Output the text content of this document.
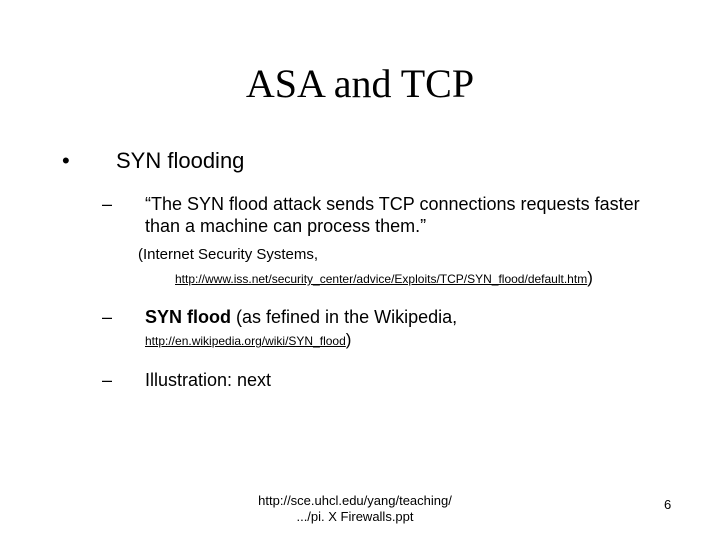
ASA and TCP
• SYN flooding
– “The SYN flood attack sends TCP connections requests faster than a machine can process them.”
(Internet Security Systems,
http://www.iss.net/security_center/advice/Exploits/TCP/SYN_flood/default.htm)
– SYN flood (as fefined in the Wikipedia,
http://en.wikipedia.org/wiki/SYN_flood)
– Illustration: next
http://sce.uhcl.edu/yang/teaching/
.../pi. X Firewalls.ppt
6
